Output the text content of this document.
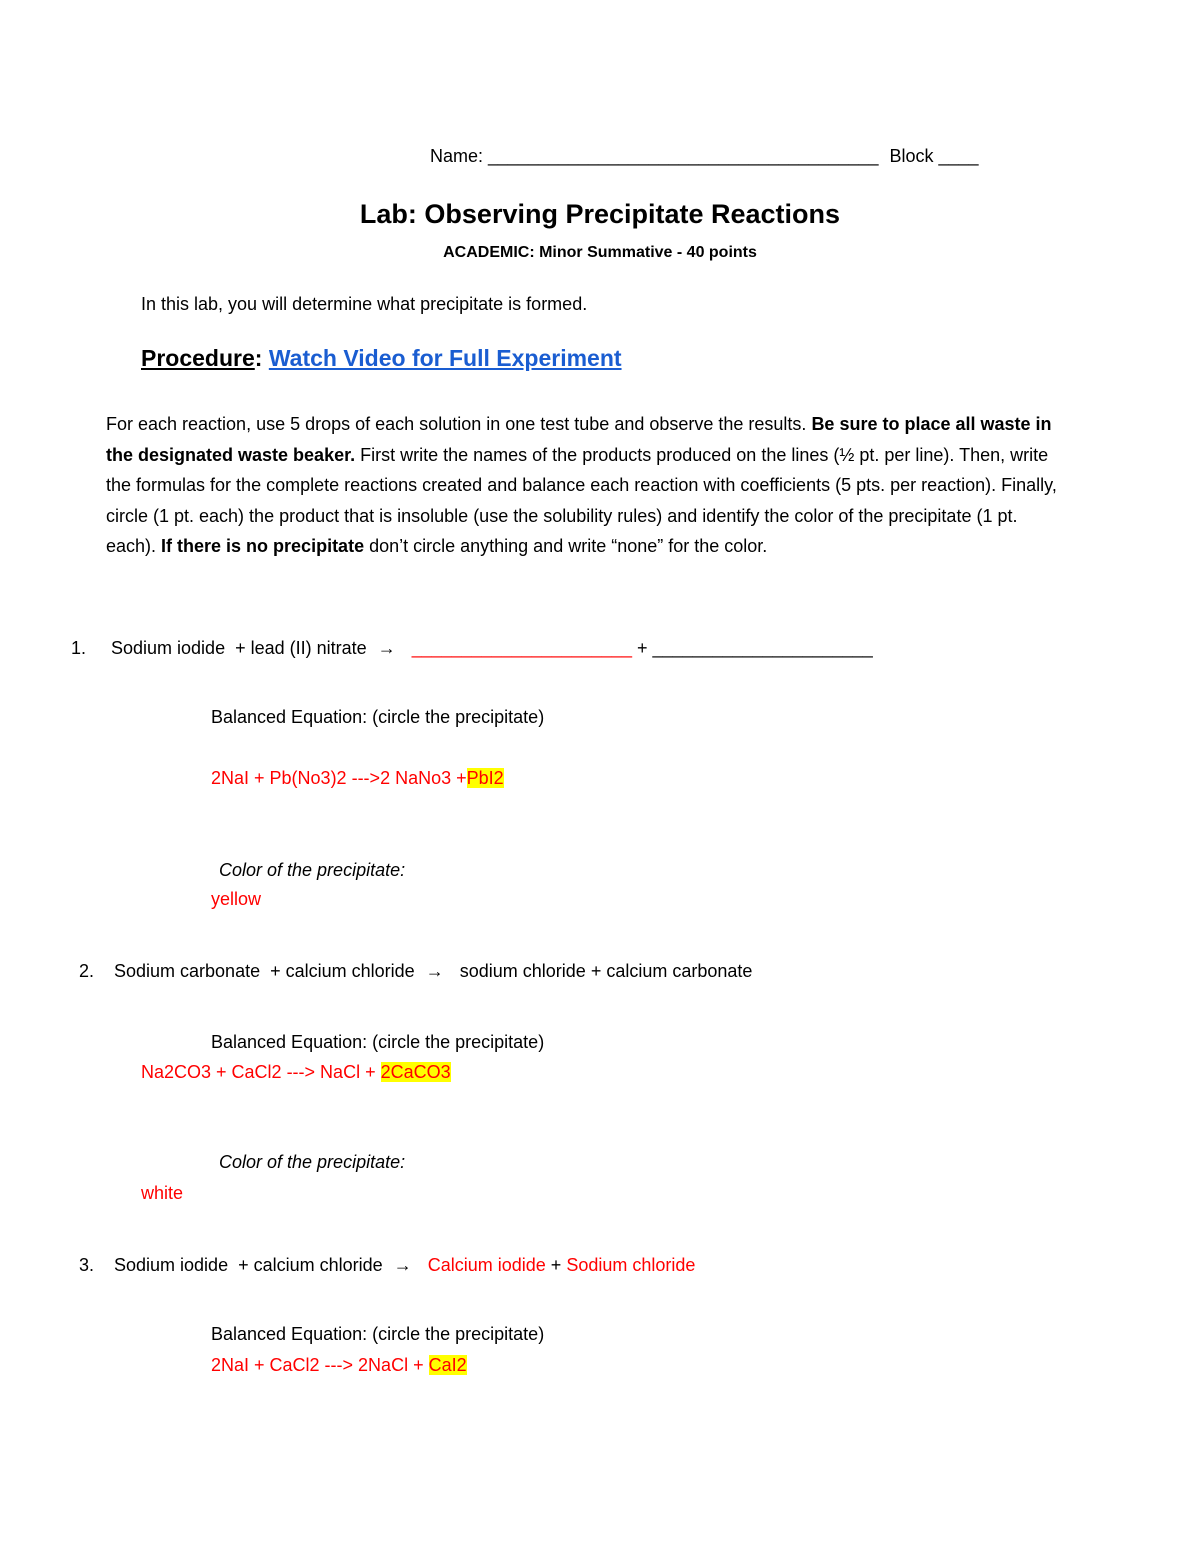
Name: _______________________________________ Block ____
Lab: Observing Precipitate Reactions
ACADEMIC: Minor Summative - 40 points
In this lab, you will determine what precipitate is formed.
Procedure: Watch Video for Full Experiment
For each reaction, use 5 drops of each solution in one test tube and observe the results. Be sure to place all waste in the designated waste beaker. First write the names of the products produced on the lines (½ pt. per line). Then, write the formulas for the complete reactions created and balance each reaction with coefficients (5 pts. per reaction). Finally, circle (1 pt. each) the product that is insoluble (use the solubility rules) and identify the color of the precipitate (1 pt. each). If there is no precipitate don’t circle anything and write “none” for the color.
1. Sodium iodide + lead (II) nitrate → ______________________ + ______________________
Balanced Equation: (circle the precipitate)
2NaI + Pb(No3)2 --->2 NaNo3 +PbI2
Color of the precipitate:
yellow
2. Sodium carbonate + calcium chloride → sodium chloride + calcium carbonate
Balanced Equation: (circle the precipitate)
Na2CO3 + CaCl2 ---> NaCl + 2CaCO3
Color of the precipitate:
white
3. Sodium iodide + calcium chloride → Calcium iodide + Sodium chloride
Balanced Equation: (circle the precipitate)
2NaI + CaCl2 ---> 2NaCl + CaI2
